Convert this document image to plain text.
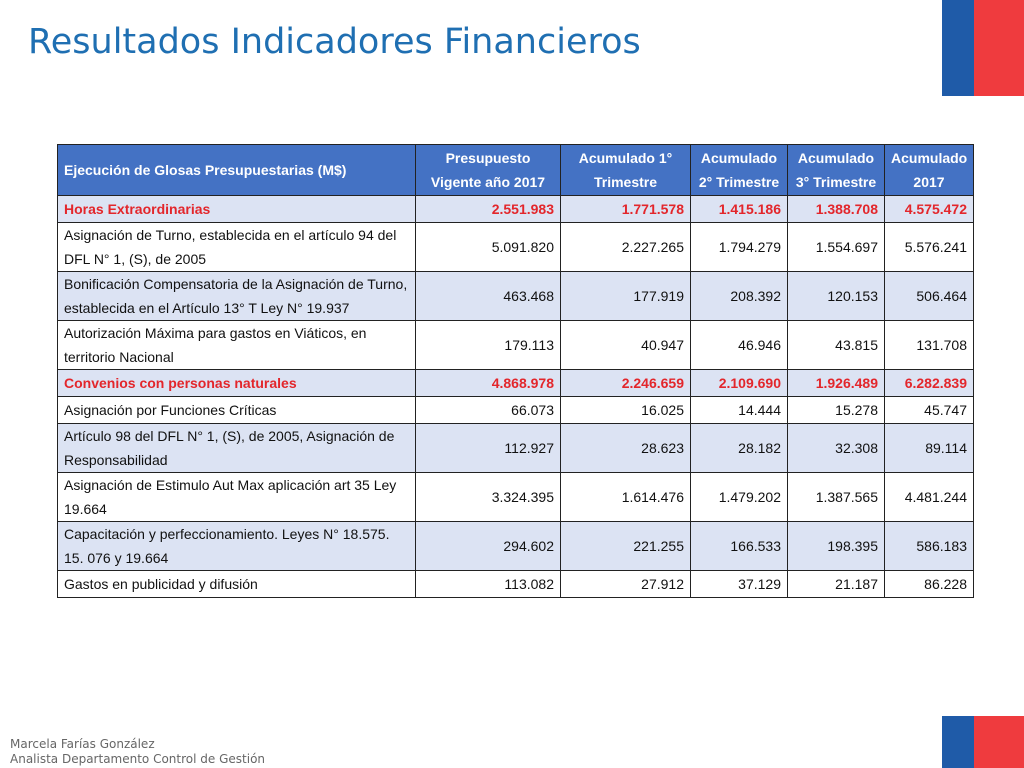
Resultados Indicadores Financieros
Ejecución de Glosas Presupuestarias (M$)	Presupuesto Vigente año 2017	Acumulado 1° Trimestre	Acumulado 2° Trimestre	Acumulado 3° Trimestre	Acumulado 2017
Horas Extraordinarias	2.551.983	1.771.578	1.415.186	1.388.708	4.575.472
Asignación de Turno, establecida en el artículo 94 del DFL N° 1, (S), de 2005	5.091.820	2.227.265	1.794.279	1.554.697	5.576.241
Bonificación Compensatoria de la Asignación de Turno, establecida en el Artículo 13° T Ley N° 19.937	463.468	177.919	208.392	120.153	506.464
Autorización Máxima para gastos en Viáticos, en territorio Nacional	179.113	40.947	46.946	43.815	131.708
Convenios con personas naturales	4.868.978	2.246.659	2.109.690	1.926.489	6.282.839
Asignación por Funciones Críticas	66.073	16.025	14.444	15.278	45.747
Artículo 98 del DFL N° 1, (S), de 2005, Asignación de Responsabilidad	112.927	28.623	28.182	32.308	89.114
Asignación de Estimulo Aut Max aplicación art 35 Ley 19.664	3.324.395	1.614.476	1.479.202	1.387.565	4.481.244
Capacitación y perfeccionamiento. Leyes N° 18.575. 15. 076 y 19.664	294.602	221.255	166.533	198.395	586.183
Gastos en publicidad y difusión	113.082	27.912	37.129	21.187	86.228
Marcela Farías González
Analista Departamento Control de Gestión
